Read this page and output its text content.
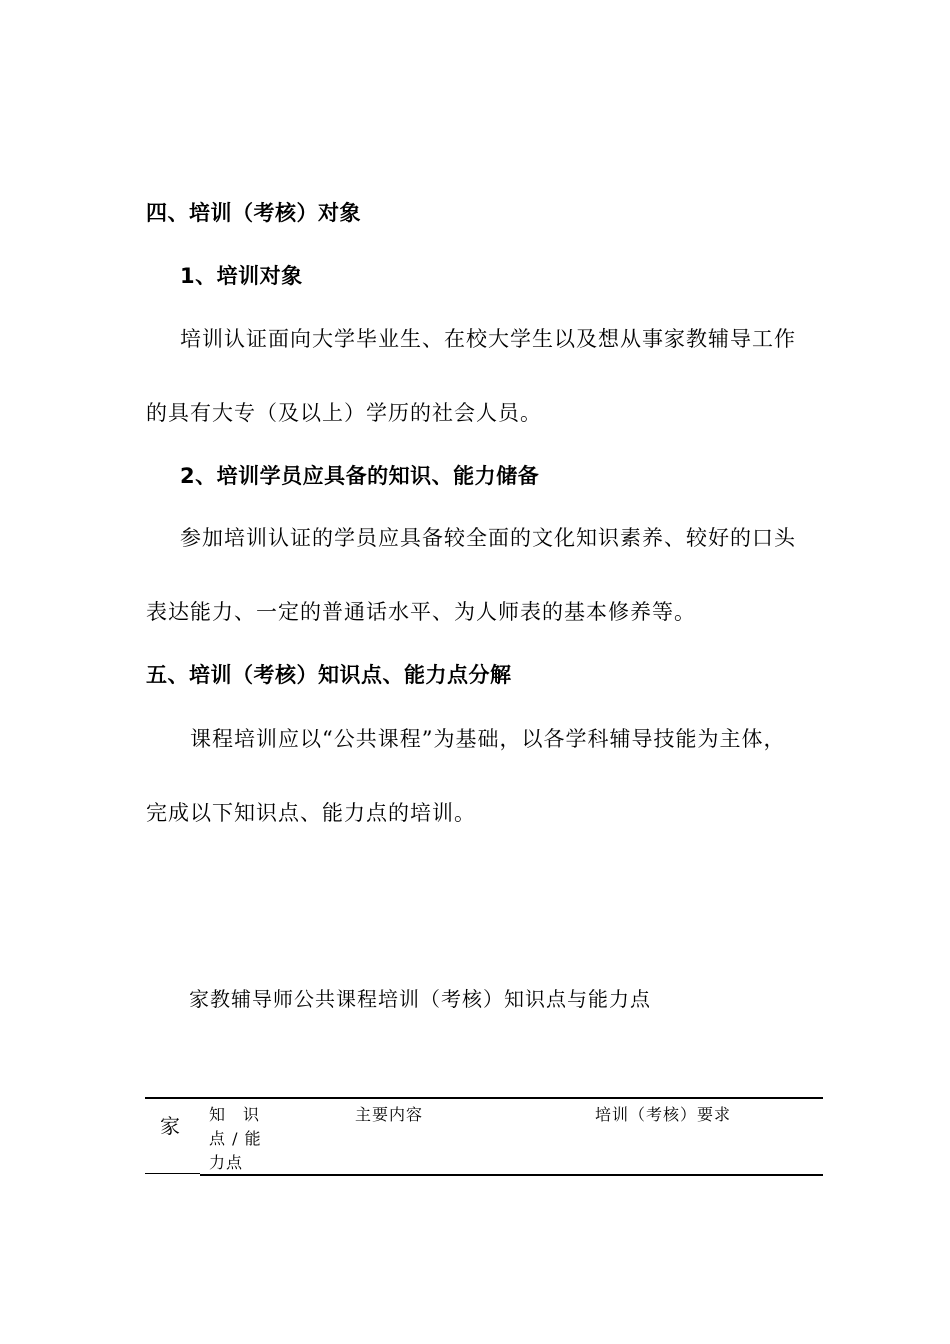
四、培训（考核）对象
1、培训对象
培训认证面向大学毕业生、在校大学生以及想从事家教辅导工作
的具有大专（及以上）学历的社会人员。
2、培训学员应具备的知识、能力储备
参加培训认证的学员应具备较全面的文化知识素养、较好的口头
表达能力、一定的普通话水平、为人师表的基本修养等。
五、培训（考核）知识点、能力点分解
课程培训应以“公共课程”为基础，以各学科辅导技能为主体，
完成以下知识点、能力点的培训。
家教辅导师公共课程培训（考核）知识点与能力点
家 知　识
点 / 能
力点
主要内容	培训（考核）要求
